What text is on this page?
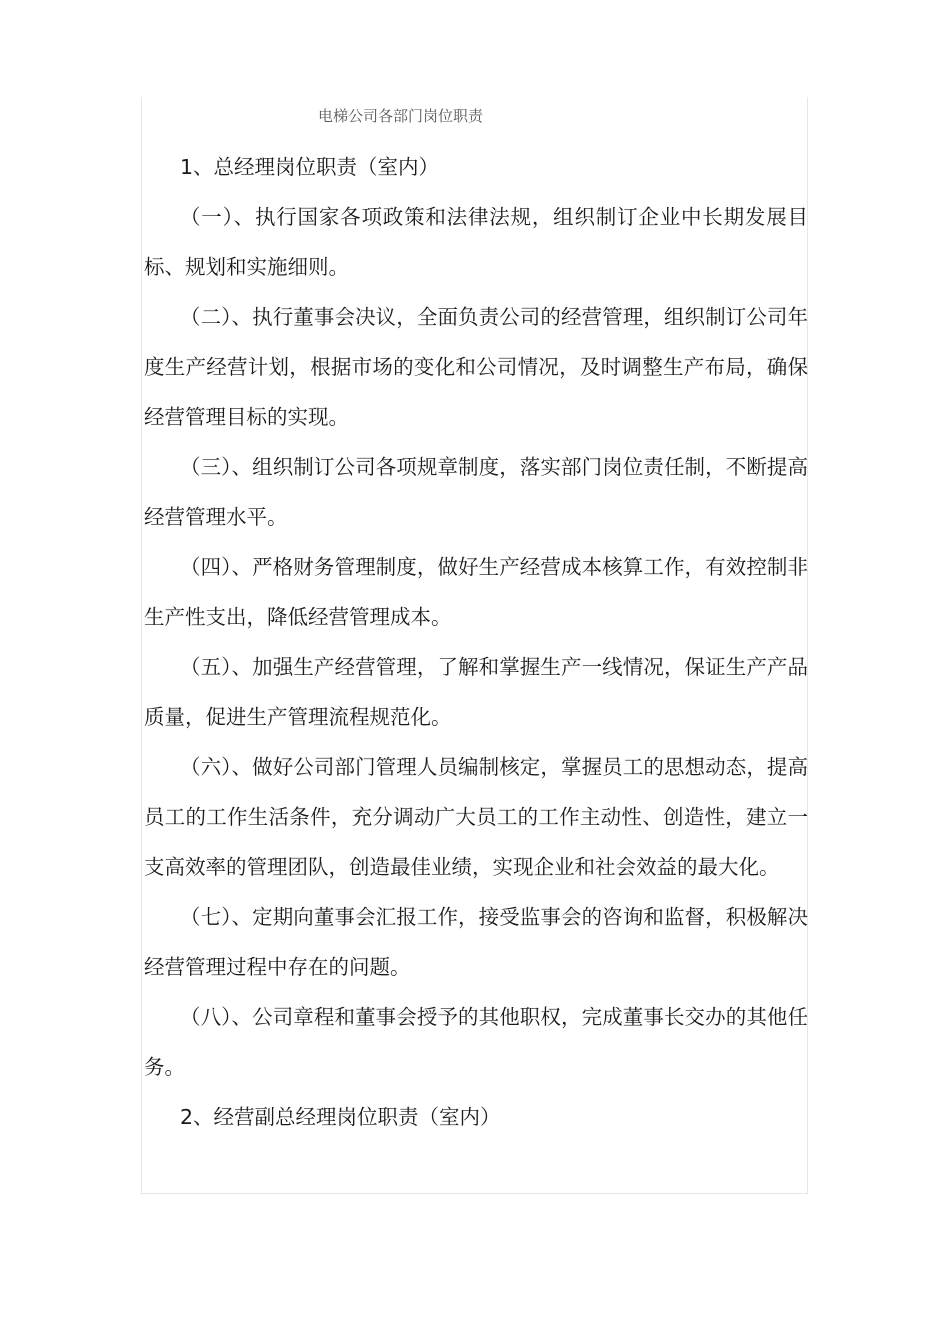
电梯公司各部门岗位职责

1、总经理岗位职责（室内）

（一）、执行国家各项政策和法律法规，组织制订企业中长期发展目标、规划和实施细则。

（二）、执行董事会决议，全面负责公司的经营管理，组织制订公司年度生产经营计划，根据市场的变化和公司情况，及时调整生产布局，确保经营管理目标的实现。

（三）、组织制订公司各项规章制度，落实部门岗位责任制，不断提高经营管理水平。

（四）、严格财务管理制度，做好生产经营成本核算工作，有效控制非生产性支出，降低经营管理成本。

（五）、加强生产经营管理，了解和掌握生产一线情况，保证生产产品质量，促进生产管理流程规范化。

（六）、做好公司部门管理人员编制核定，掌握员工的思想动态，提高员工的工作生活条件，充分调动广大员工的工作主动性、创造性，建立一支高效率的管理团队，创造最佳业绩，实现企业和社会效益的最大化。

（七）、定期向董事会汇报工作，接受监事会的咨询和监督，积极解决经营管理过程中存在的问题。

（八）、公司章程和董事会授予的其他职权，完成董事长交办的其他任务。

2、经营副总经理岗位职责（室内）
